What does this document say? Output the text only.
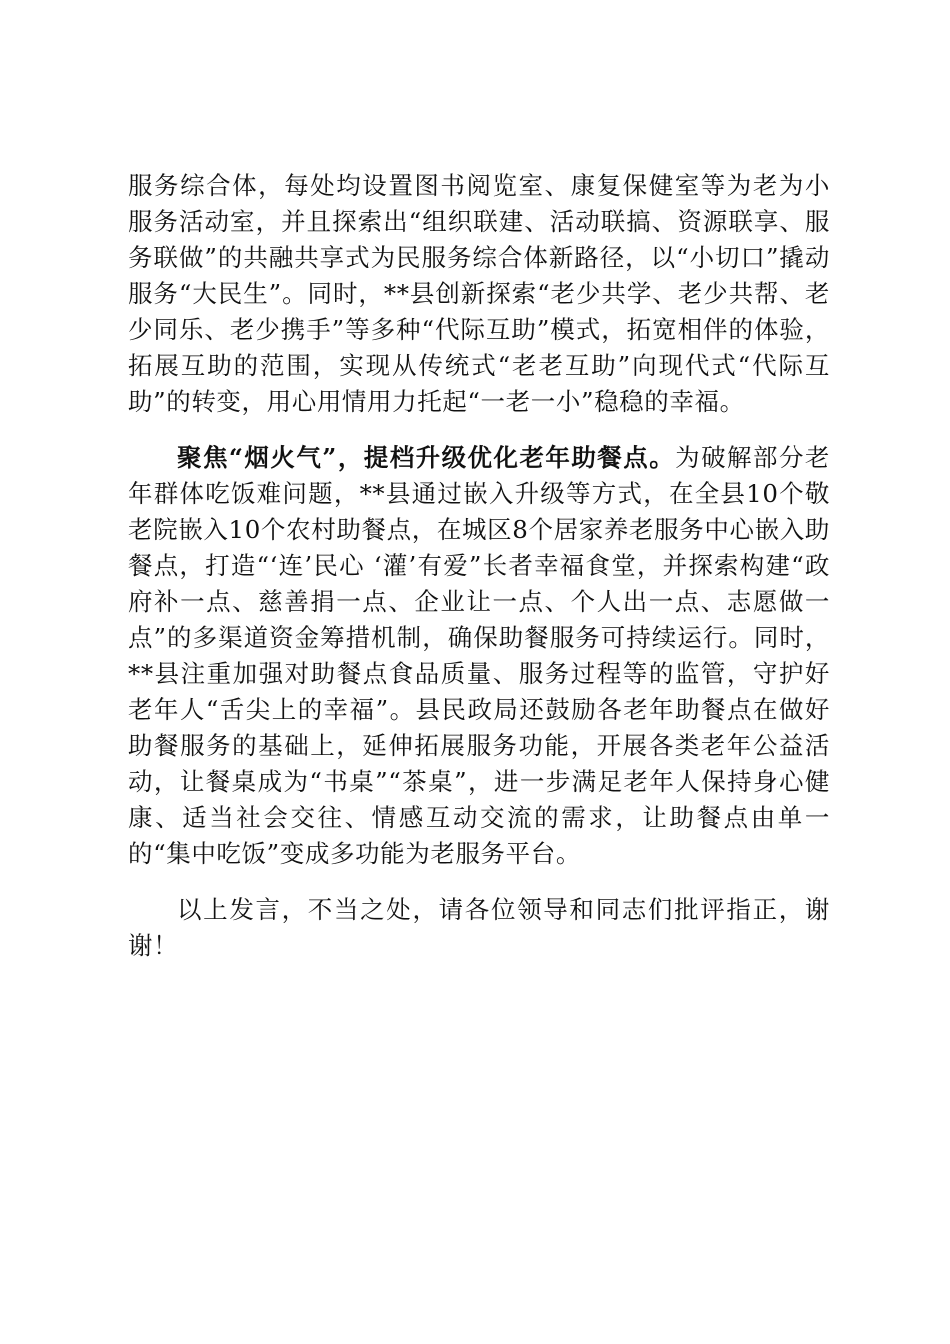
服务综合体，每处均设置图书阅览室、康复保健室等为老为小服务活动室，并且探索出“组织联建、活动联搞、资源联享、服务联做”的共融共享式为民服务综合体新路径，以“小切口”撬动服务“大民生”。同时，**县创新探索“老少共学、老少共帮、老少同乐、老少携手”等多种“代际互助”模式，拓宽相伴的体验，拓展互助的范围，实现从传统式“老老互助”向现代式“代际互助”的转变，用心用情用力托起“一老一小”稳稳的幸福。

聚焦“烟火气”，提档升级优化老年助餐点。为破解部分老年群体吃饭难问题，**县通过嵌入升级等方式，在全县10个敬老院嵌入10个农村助餐点，在城区8个居家养老服务中心嵌入助餐点，打造“‘连’民心 ‘灌’有爱”长者幸福食堂，并探索构建“政府补一点、慈善捐一点、企业让一点、个人出一点、志愿做一点”的多渠道资金筹措机制，确保助餐服务可持续运行。同时，**县注重加强对助餐点食品质量、服务过程等的监管，守护好老年人“舌尖上的幸福”。县民政局还鼓励各老年助餐点在做好助餐服务的基础上，延伸拓展服务功能，开展各类老年公益活动，让餐桌成为“书桌”“茶桌”，进一步满足老年人保持身心健康、适当社会交往、情感互动交流的需求，让助餐点由单一的“集中吃饭”变成多功能为老服务平台。

以上发言，不当之处，请各位领导和同志们批评指正，谢谢！
